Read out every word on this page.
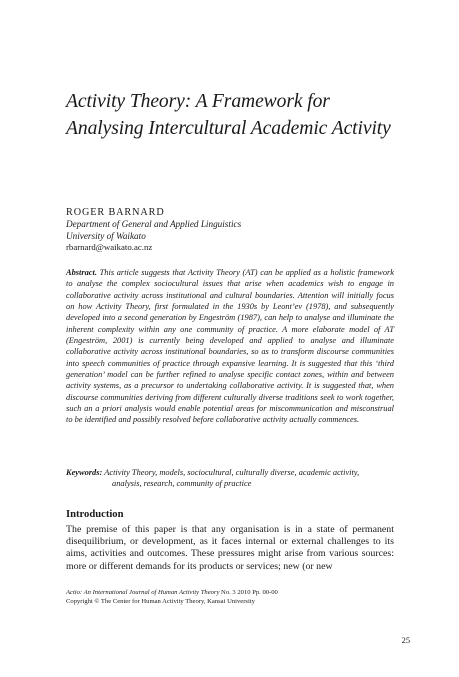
Activity Theory: A Framework for
Analysing Intercultural Academic Activity
ROGER BARNARD
Department of General and Applied Linguistics
University of Waikato
rbarnard@waikato.ac.nz
Abstract. This article suggests that Activity Theory (AT) can be applied as a holistic framework to analyse the complex sociocultural issues that arise when academics wish to engage in collaborative activity across institutional and cultural boundaries. Attention will initially focus on how Activity Theory, first formulated in the 1930s by Leont’ev (1978), and subsequently developed into a second generation by Engeström (1987), can help to analyse and illuminate the inherent complexity within any one community of practice. A more elaborate model of AT (Engeström, 2001) is currently being developed and applied to analyse and illuminate collaborative activity across institutional boundaries, so as to transform discourse communities into speech communities of practice through expansive learning. It is suggested that this ‘third generation’ model can be further refined to analyse specific contact zones, within and between activity systems, as a precursor to undertaking collaborative activity. It is suggested that, when discourse communities deriving from different culturally diverse traditions seek to work together, such an a priori analysis would enable potential areas for miscommunication and misconstrual to be identified and possibly resolved before collaborative activity actually commences.
Keywords: Activity Theory, models, sociocultural, culturally diverse, academic activity,
analysis, research, community of practice
Introduction
The premise of this paper is that any organisation is in a state of permanent disequilibrium, or development, as it faces internal or external challenges to its aims, activities and outcomes. These pressures might arise from various sources: more or different demands for its products or services; new (or new
Actio: An International Journal of Human Activity Theory No. 3 2010 Pp. 00-00
Copyright © The Center for Human Activity Theory, Kansai University
25
